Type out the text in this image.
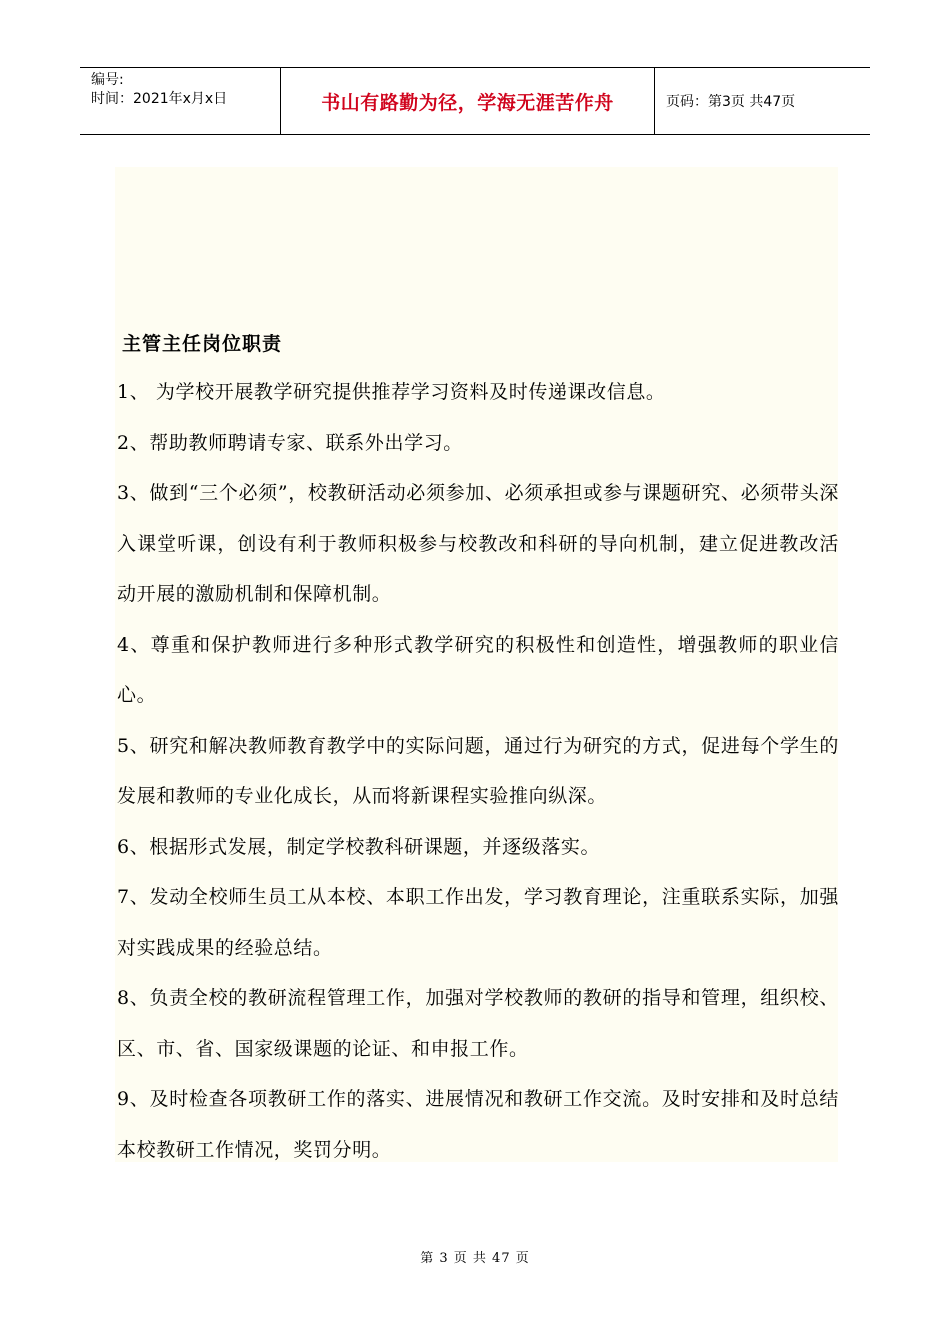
编号:
时间：2021年x月x日	书山有路勤为径，学海无涯苦作舟	页码：第3页 共47页
主管主任岗位职责

1、 为学校开展教学研究提供推荐学习资料及时传递课改信息。

2、帮助教师聘请专家、联系外出学习。

3、做到“三个必须”，校教研活动必须参加、必须承担或参与课题研究、必须带头深入课堂听课，创设有利于教师积极参与校教改和科研的导向机制，建立促进教改活动开展的激励机制和保障机制。

4、尊重和保护教师进行多种形式教学研究的积极性和创造性，增强教师的职业信心。

5、研究和解决教师教育教学中的实际问题，通过行为研究的方式，促进每个学生的发展和教师的专业化成长，从而将新课程实验推向纵深。

6、根据形式发展，制定学校教科研课题，并逐级落实。

7、发动全校师生员工从本校、本职工作出发，学习教育理论，注重联系实际，加强对实践成果的经验总结。

8、负责全校的教研流程管理工作，加强对学校教师的教研的指导和管理，组织校、区、市、省、国家级课题的论证、和申报工作。

9、及时检查各项教研工作的落实、进展情况和教研工作交流。及时安排和及时总结本校教研工作情况，奖罚分明。

第 3 页 共 47 页
